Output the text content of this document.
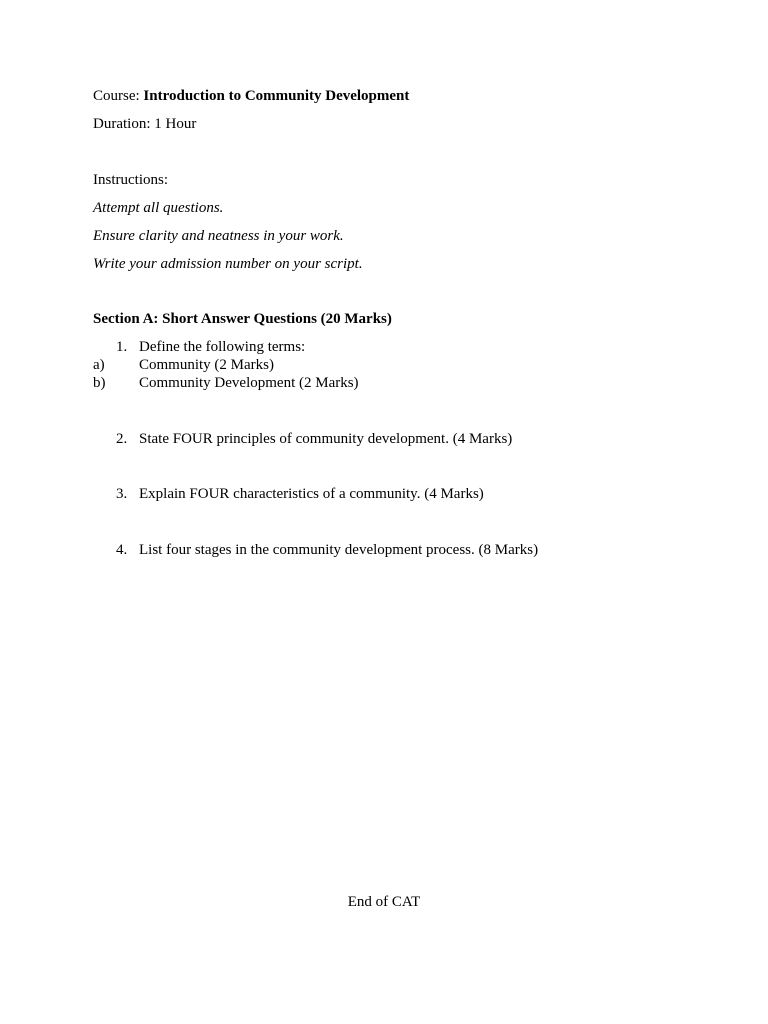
Course: Introduction to Community Development
Duration: 1 Hour
Instructions:
Attempt all questions.
Ensure clarity and neatness in your work.
Write your admission number on your script.
Section A: Short Answer Questions (20 Marks)
1. Define the following terms:
a) Community (2 Marks)
b) Community Development (2 Marks)
2. State FOUR principles of community development. (4 Marks)
3. Explain FOUR characteristics of a community. (4 Marks)
4. List four stages in the community development process. (8 Marks)
End of CAT
